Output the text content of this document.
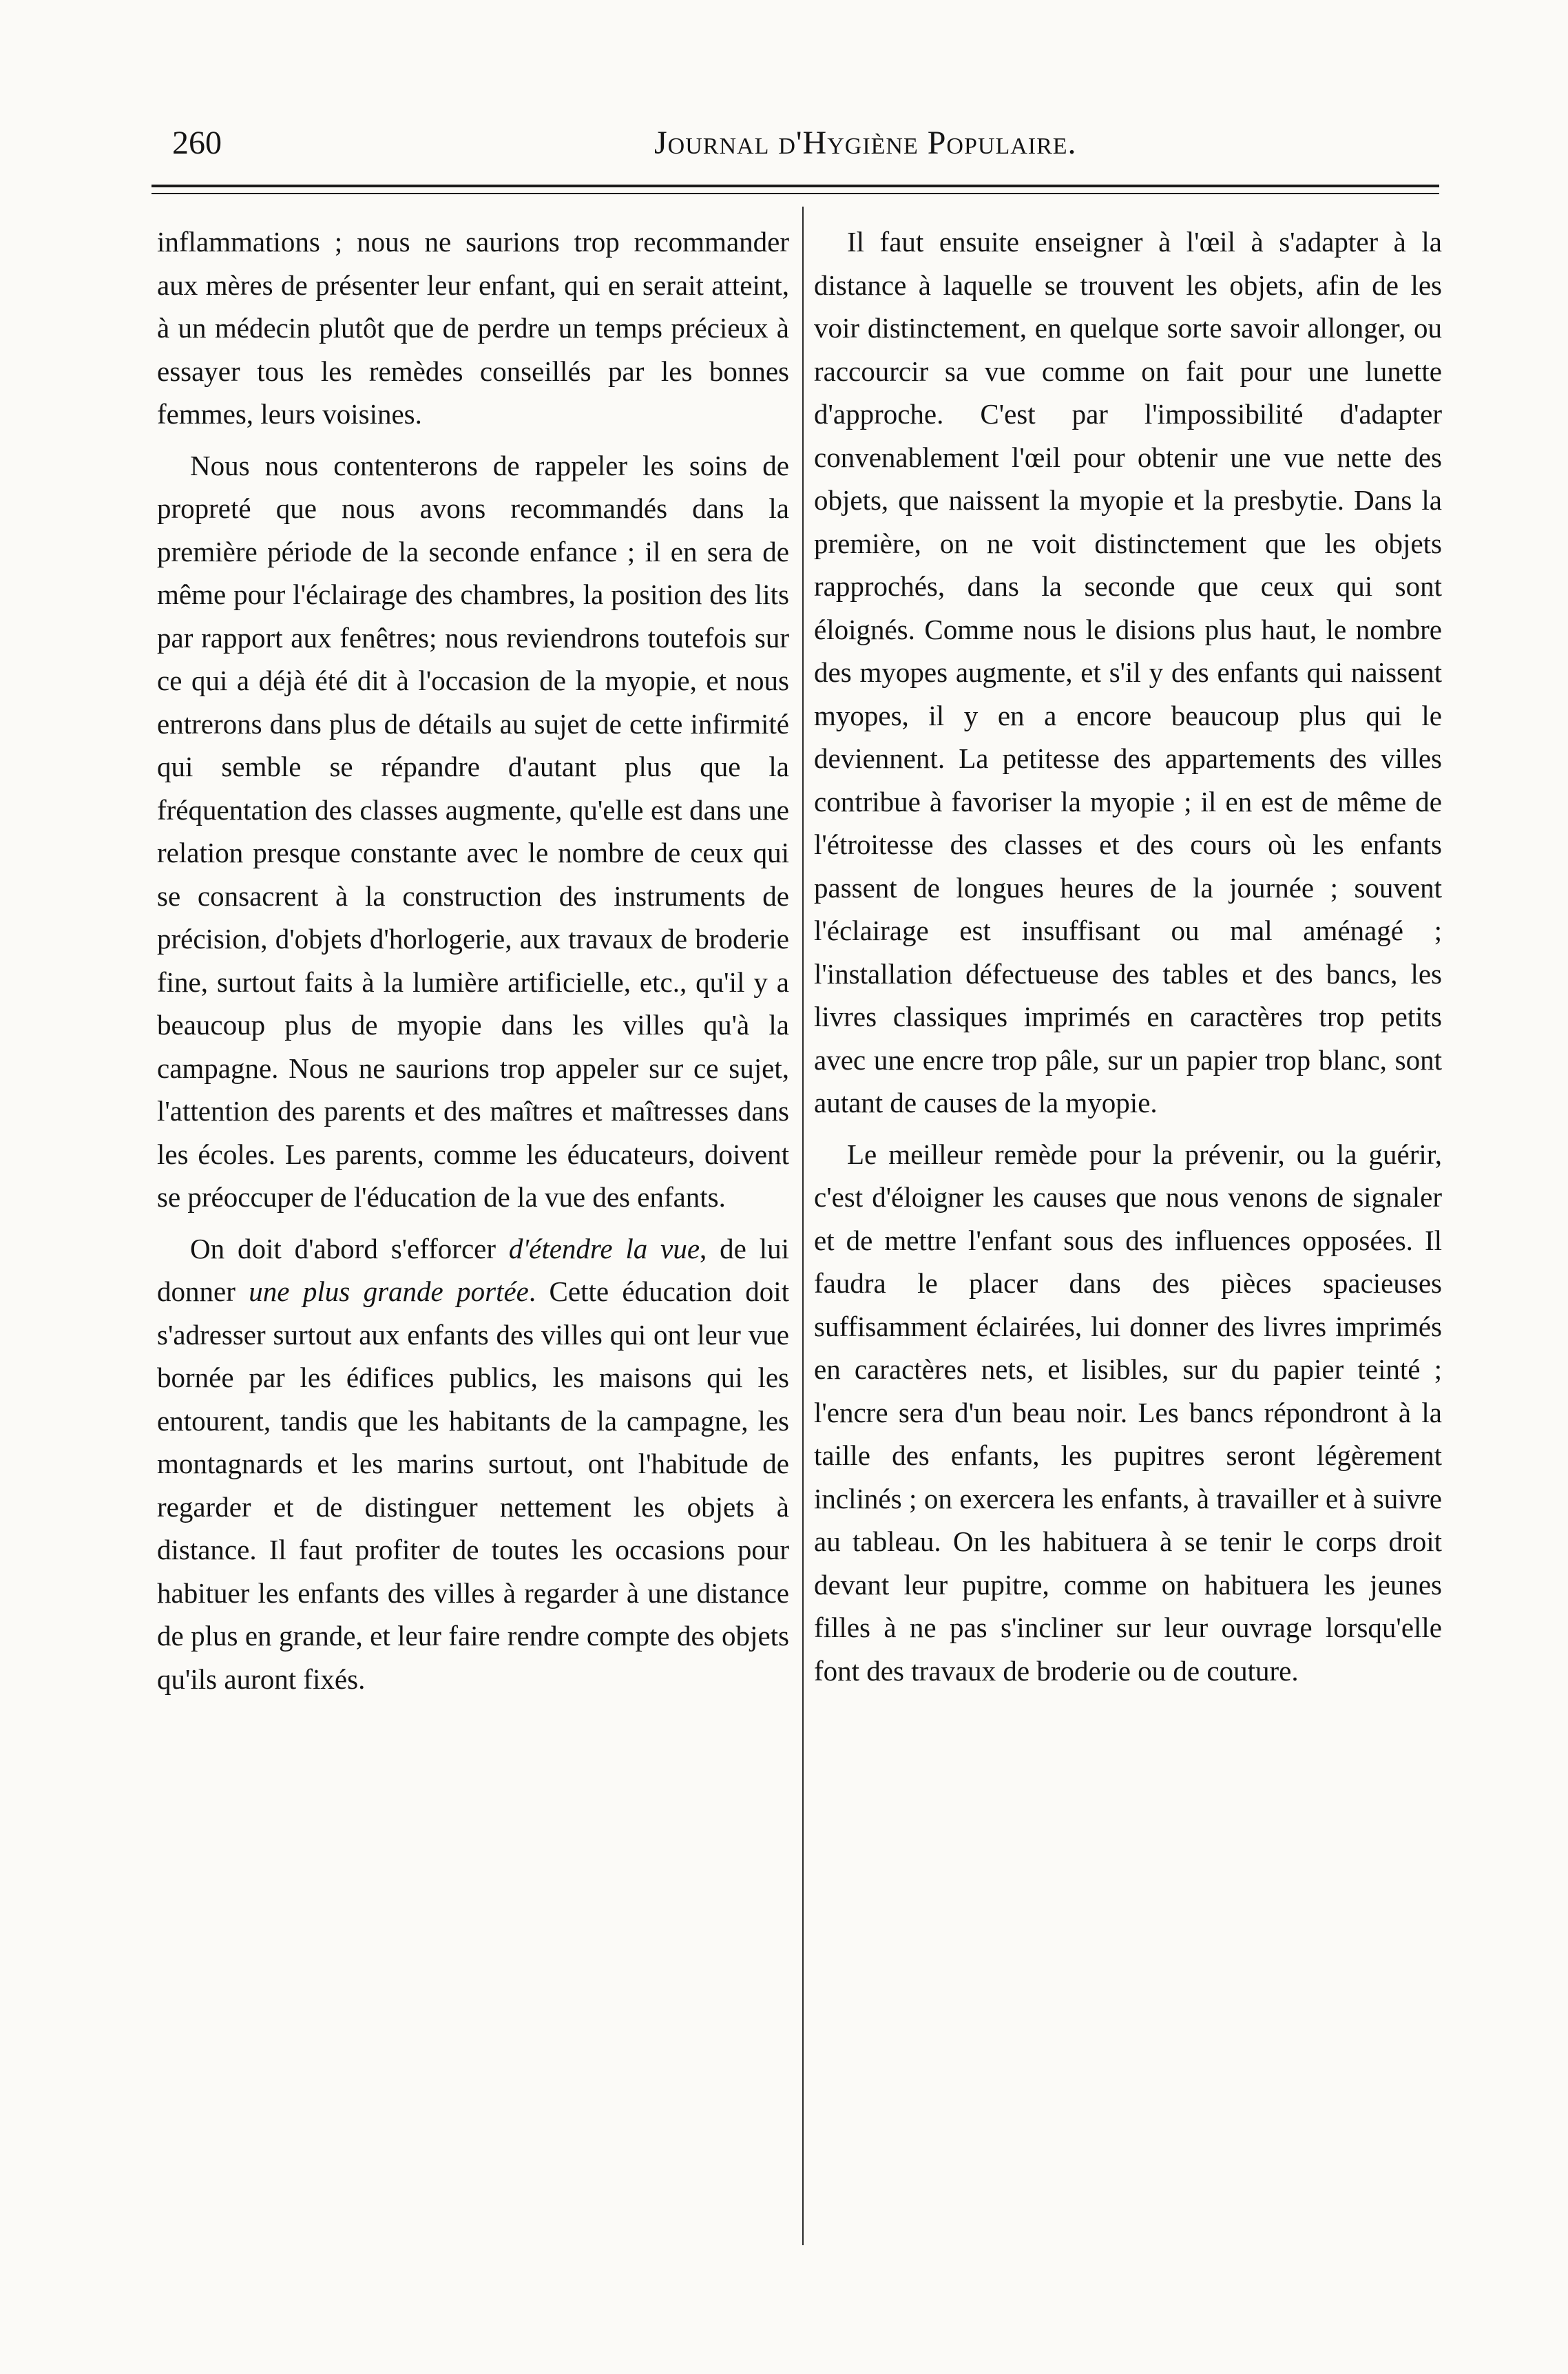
260	Journal d'Hygiène Populaire.

inflammations ; nous ne saurions trop recommander aux mères de présenter leur enfant, qui en serait atteint, à un médecin plutôt que de perdre un temps précieux à essayer tous les remèdes conseillés par les bonnes femmes, leurs voisines.

Nous nous contenterons de rappeler les soins de propreté que nous avons recommandés dans la première période de la seconde enfance ; il en sera de même pour l'éclairage des chambres, la position des lits par rapport aux fenêtres; nous reviendrons toutefois sur ce qui a déjà été dit à l'occasion de la myopie, et nous entrerons dans plus de détails au sujet de cette infirmité qui semble se répandre d'autant plus que la fréquentation des classes augmente, qu'elle est dans une relation presque constante avec le nombre de ceux qui se consacrent à la construction des instruments de précision, d'objets d'horlogerie, aux travaux de broderie fine, surtout faits à la lumière artificielle, etc., qu'il y a beaucoup plus de myopie dans les villes qu'à la campagne. Nous ne saurions trop appeler sur ce sujet, l'attention des parents et des maîtres et maîtresses dans les écoles. Les parents, comme les éducateurs, doivent se préoccuper de l'éducation de la vue des enfants.

On doit d'abord s'efforcer d'étendre la vue, de lui donner une plus grande portée. Cette éducation doit s'adresser surtout aux enfants des villes qui ont leur vue bornée par les édifices publics, les maisons qui les entourent, tandis que les habitants de la campagne, les montagnards et les marins surtout, ont l'habitude de regarder et de distinguer nettement les objets à distance. Il faut profiter de toutes les occasions pour habituer les enfants des villes à regarder à une distance de plus en grande, et leur faire rendre compte des objets qu'ils auront fixés.

Il faut ensuite enseigner à l'œil à s'adapter à la distance à laquelle se trouvent les objets, afin de les voir distinctement, en quelque sorte savoir allonger, ou raccourcir sa vue comme on fait pour une lunette d'approche. C'est par l'impossibilité d'adapter convenablement l'œil pour obtenir une vue nette des objets, que naissent la myopie et la presbytie. Dans la première, on ne voit distinctement que les objets rapprochés, dans la seconde que ceux qui sont éloignés. Comme nous le disions plus haut, le nombre des myopes augmente, et s'il y des enfants qui naissent myopes, il y en a encore beaucoup plus qui le deviennent. La petitesse des appartements des villes contribue à favoriser la myopie ; il en est de même de l'étroitesse des classes et des cours où les enfants passent de longues heures de la journée ; souvent l'éclairage est insuffisant ou mal aménagé ; l'installation défectueuse des tables et des bancs, les livres classiques imprimés en caractères trop petits avec une encre trop pâle, sur un papier trop blanc, sont autant de causes de la myopie.

Le meilleur remède pour la prévenir, ou la guérir, c'est d'éloigner les causes que nous venons de signaler et de mettre l'enfant sous des influences opposées. Il faudra le placer dans des pièces spacieuses suffisamment éclairées, lui donner des livres imprimés en caractères nets, et lisibles, sur du papier teinté ; l'encre sera d'un beau noir. Les bancs répondront à la taille des enfants, les pupitres seront légèrement inclinés ; on exercera les enfants, à travailler et à suivre au tableau. On les habituera à se tenir le corps droit devant leur pupitre, comme on habituera les jeunes filles à ne pas s'incliner sur leur ouvrage lorsqu'elle font des travaux de broderie ou de couture.
